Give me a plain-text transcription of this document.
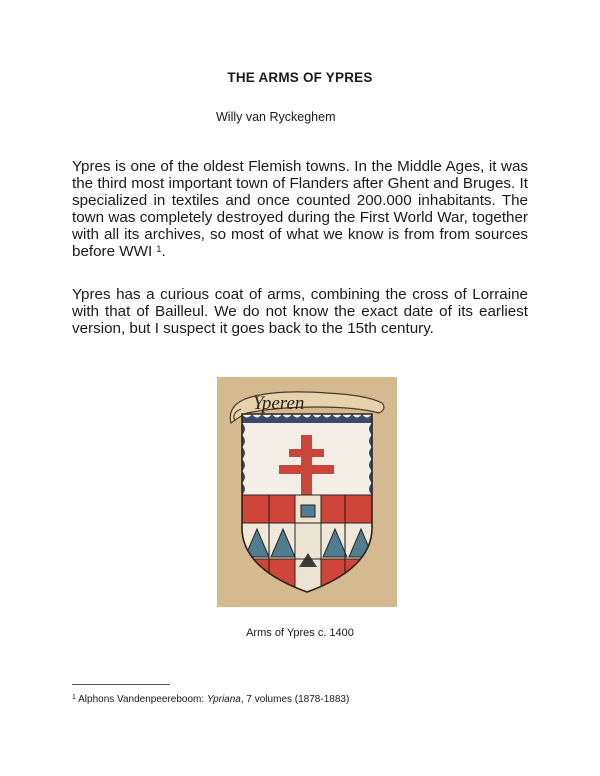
THE ARMS OF YPRES
Willy van Ryckeghem

Ypres is one of the oldest Flemish towns. In the Middle Ages, it was the third most important town of Flanders after Ghent and Bruges. It specialized in textiles and once counted 200.000 inhabitants. The town was completely destroyed during the First World War, together with all its archives, so most of what we know is from from sources before WWI $^1$.

Ypres has a curious coat of arms, combining the cross of Lorraine with that of Bailleul. We do not know the exact date of its earliest version, but I suspect it goes back to the 15th century.

Yperen
Arms of Ypres c. 1400
$^1$ Alphons Vandenpeereboom: Ypriana, 7 volumes (1878-1883)
